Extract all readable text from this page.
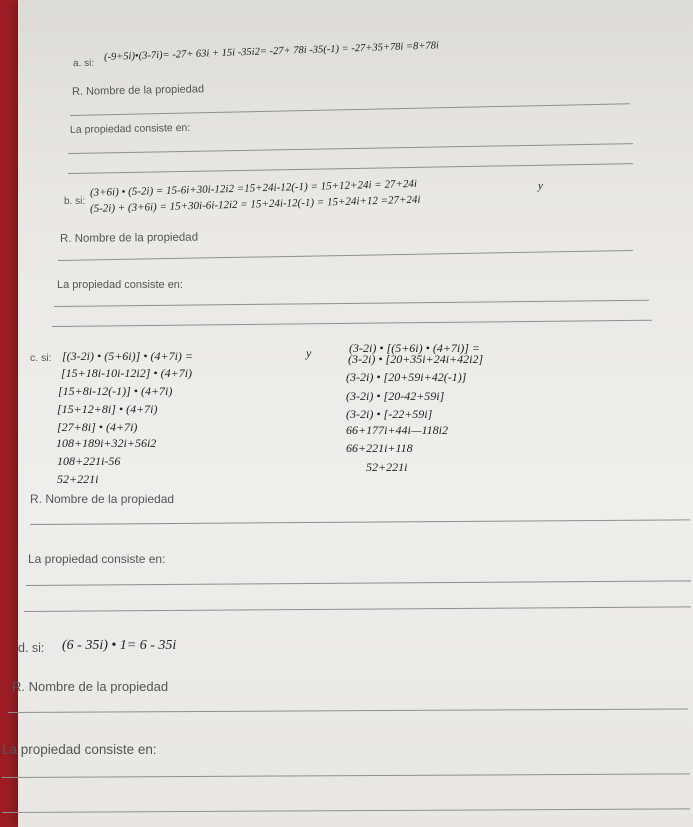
a. si:
(-9+5i)•(3-7i)= -27+ 63i + 15i -35i2= -27+ 78i -35(-1) = -27+35+78i =8+78i
R. Nombre de la propiedad
La propiedad consiste en:
b. si:
(3+6i) • (5-2i) = 15-6i+30i-12i2 =15+24i-12(-1) = 15+12+24i = 27+24i	y
(5-2i) + (3+6i) = 15+30i-6i-12i2 = 15+24i-12(-1) = 15+24i+12 =27+24i
R. Nombre de la propiedad
La propiedad consiste en:
c. si: [(3-2i) • (5+6i)] • (4+7i) =
[15+18i-10i-12i2] • (4+7i)
[15+8i-12(-1)] • (4+7i)
[15+12+8i] • (4+7i)
[27+8i] • (4+7i)
108+189i+32i+56i2
108+221i-56
52+221i
y	(3-2i) • [(5+6i) • (4+7i)] =
(3-2i) • [20+35i+24i+42i2]
(3-2i) • [20+59i+42(-1)]
(3-2i) • [20-42+59i]
(3-2i) • [-22+59i]
66+177i+44i—118i2
66+221i+118
52+221i
R. Nombre de la propiedad
La propiedad consiste en:
d. si: (6 - 35i) • 1= 6 - 35i
R. Nombre de la propiedad
La propiedad consiste en:
